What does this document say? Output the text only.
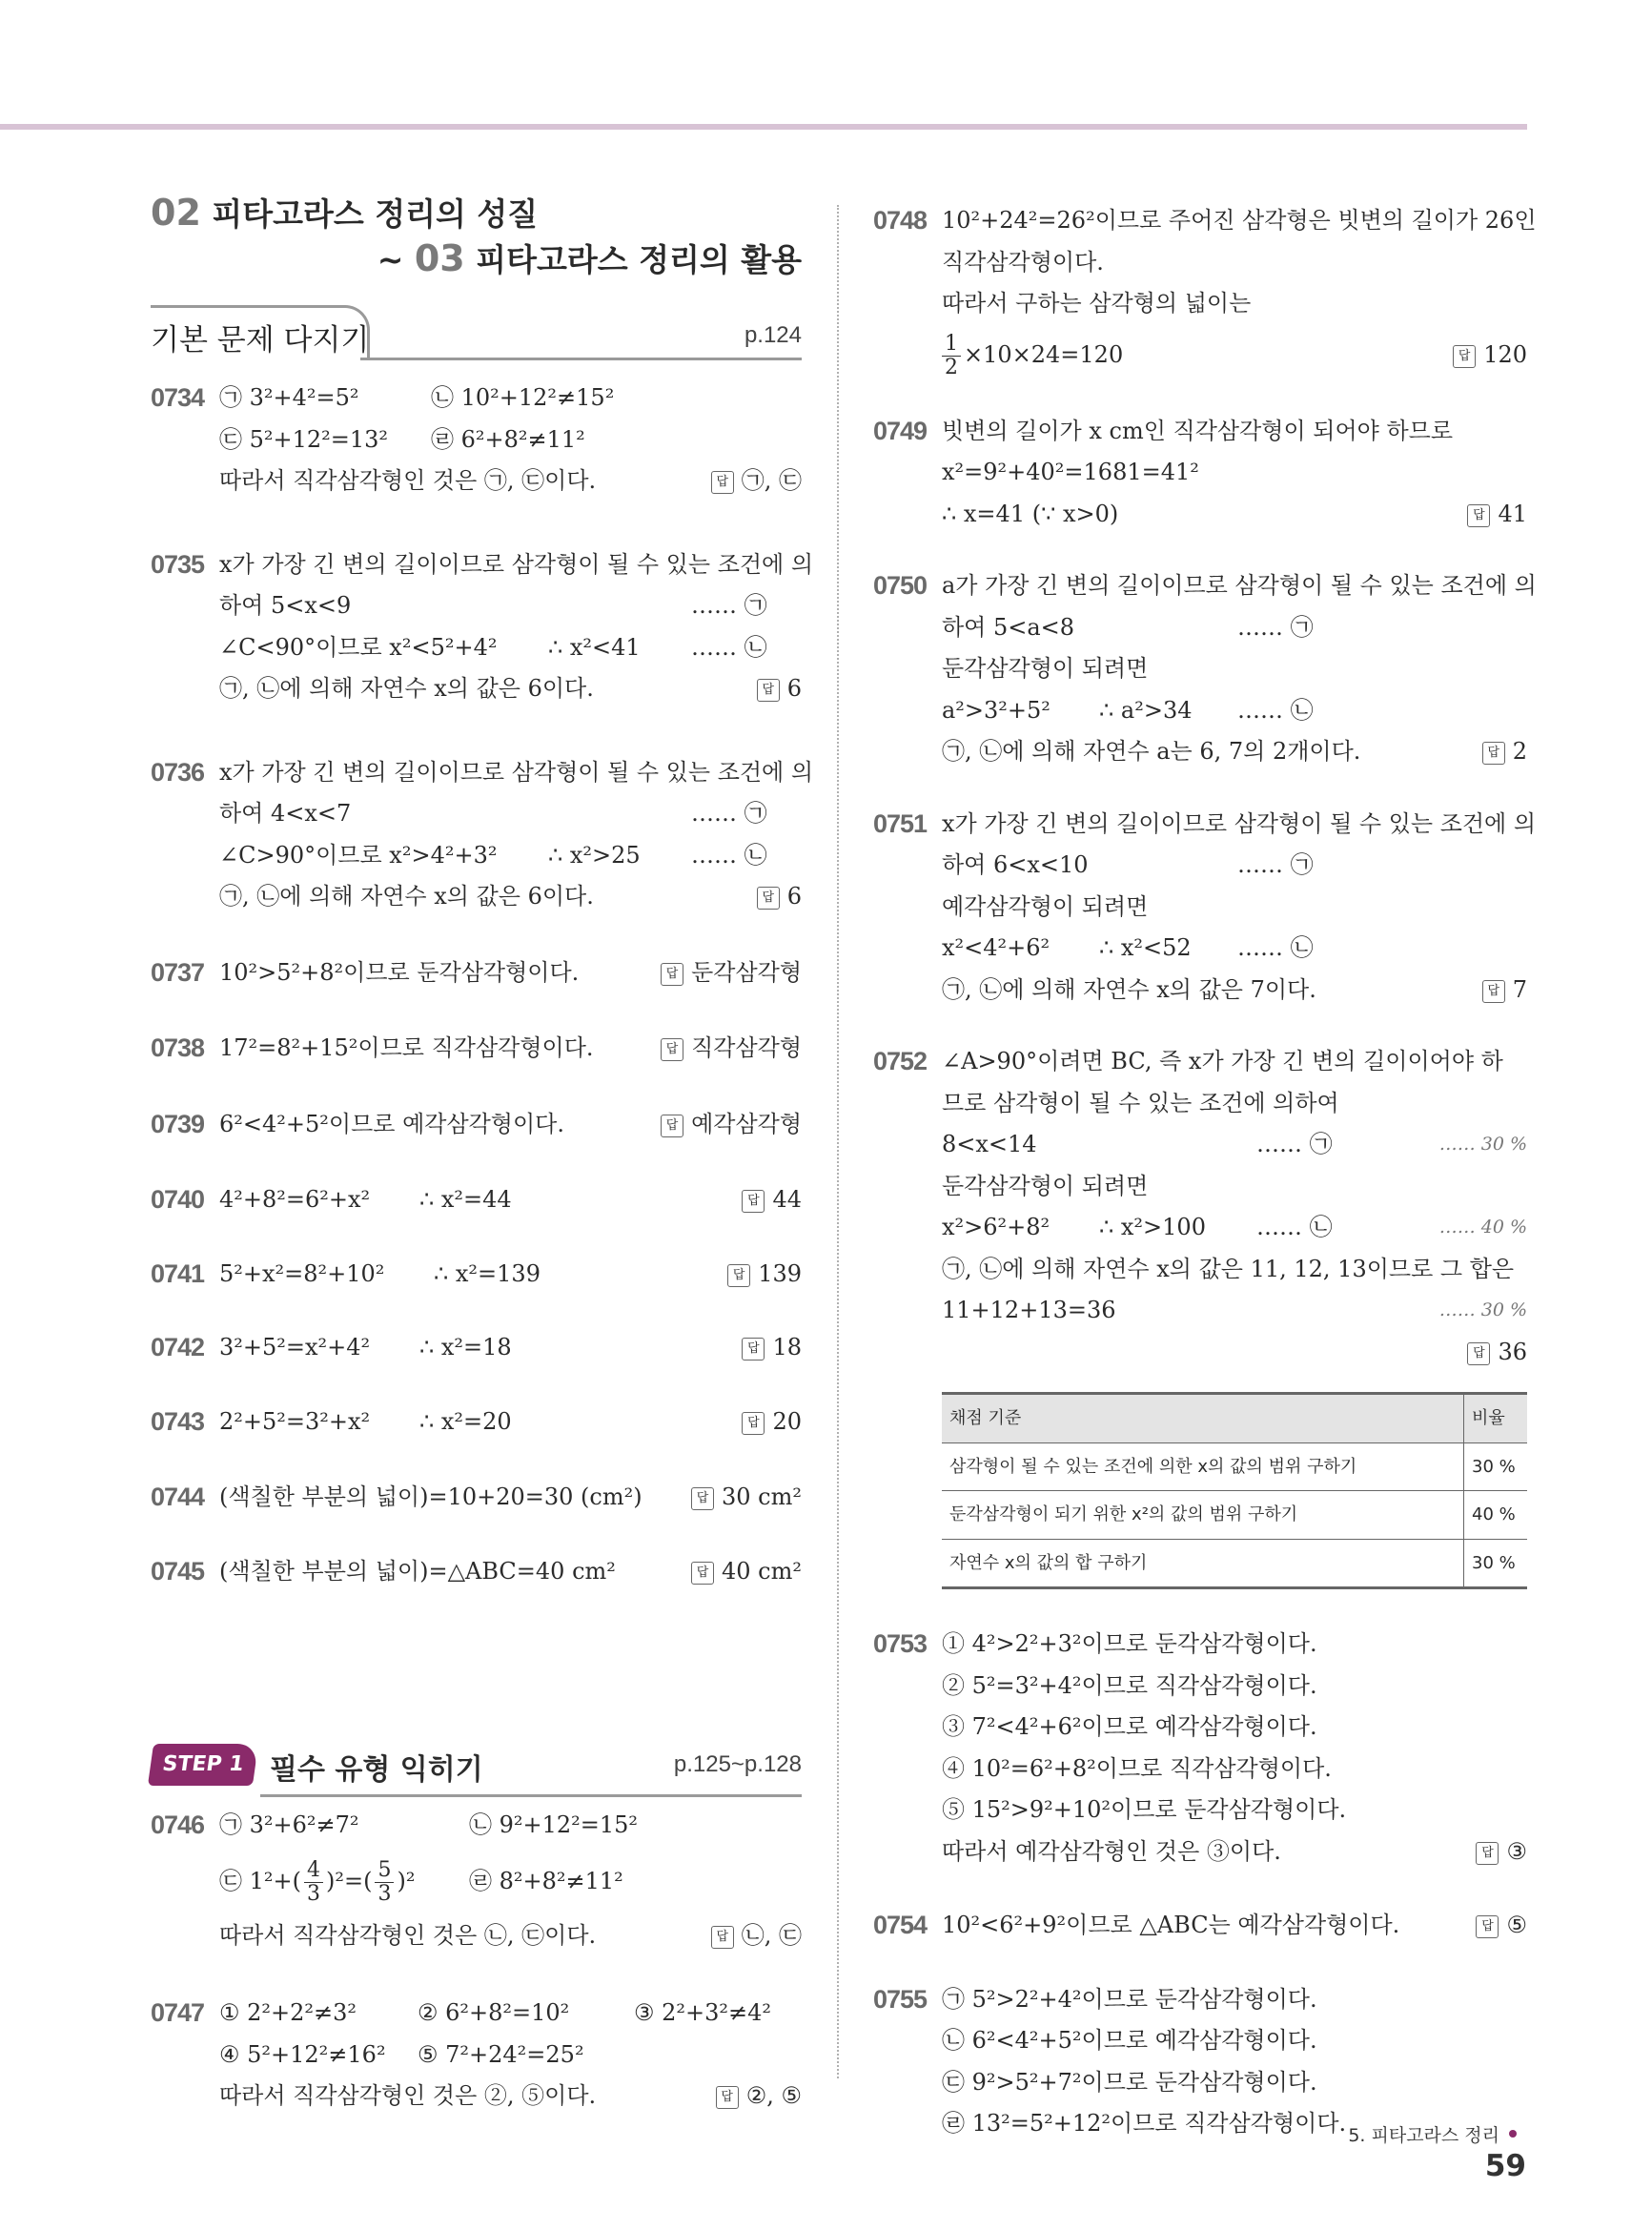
02 피타고라스 정리의 성질
~ 03 피타고라스 정리의 활용
기본 문제 다지기	p.124
0734 ㉠ 3²+4²=5²	㉡ 10²+12²≠15²
㉢ 5²+12²=13² ㉣ 6²+8²≠11²
따라서 직각삼각형인 것은 ㉠, ㉢이다.	답 ㉠, ㉢
0735 x가 가장 긴 변의 길이이므로 삼각형이 될 수 있는 조건에 의
하여 5<x<9	…… ㉠
∠C<90°이므로 x²<5²+4² ∴ x²<41 …… ㉡
㉠, ㉡에 의해 자연수 x의 값은 6이다.	답 6
0736 x가 가장 긴 변의 길이이므로 삼각형이 될 수 있는 조건에 의
하여 4<x<7	…… ㉠
∠C>90°이므로 x²>4²+3² ∴ x²>25 …… ㉡
㉠, ㉡에 의해 자연수 x의 값은 6이다.	답 6
0737 10²>5²+8²이므로 둔각삼각형이다.	답 둔각삼각형
0738 17²=8²+15²이므로 직각삼각형이다.	답 직각삼각형
0739 6²<4²+5²이므로 예각삼각형이다.	답 예각삼각형
0740 4²+8²=6²+x² ∴ x²=44	답 44
0741 5²+x²=8²+10² ∴ x²=139	답 139
0742 3²+5²=x²+4² ∴ x²=18	답 18
0743 2²+5²=3²+x² ∴ x²=20	답 20
0744 (색칠한 부분의 넓이)=10+20=30 (cm²)	답 30 cm²
0745 (색칠한 부분의 넓이)=△ABC=40 cm²	답 40 cm²
STEP 1 필수 유형 익히기	p.125~p.128
0746 ㉠ 3²+6²≠7²	㉡ 9²+12²=15²
㉢ $1^2+( \frac{4}{3} )^2=( \frac{5}{3} )^2$ ㉣ 8²+8²≠11²
따라서 직각삼각형인 것은 ㉡, ㉢이다.	답 ㉡, ㉢
0747 ① 2²+2²≠3²	② 6²+8²=10²	③ 2²+3²≠4²
④ 5²+12²≠16² ⑤ 7²+24²=25²
따라서 직각삼각형인 것은 ②, ⑤이다.	답 ②, ⑤
0748 10²+24²=26²이므로 주어진 삼각형은 빗변의 길이가 26인
직각삼각형이다.
따라서 구하는 삼각형의 넓이는
$\frac{1}{2} \times 10\times 24=120$	답 120
0749 빗변의 길이가 x cm인 직각삼각형이 되어야 하므로
x²=9²+40²=1681=41²
∴ x=41 (∵ x>0)	답 41
0750 a가 가장 긴 변의 길이이므로 삼각형이 될 수 있는 조건에 의
하여 5<a<8	…… ㉠
둔각삼각형이 되려면
a²>3²+5² ∴ a²>34 …… ㉡
㉠, ㉡에 의해 자연수 a는 6, 7의 2개이다.	답 2
0751 x가 가장 긴 변의 길이이므로 삼각형이 될 수 있는 조건에 의
하여 6<x<10	…… ㉠
예각삼각형이 되려면
x²<4²+6² ∴ x²<52 …… ㉡
㉠, ㉡에 의해 자연수 x의 값은 7이다.	답 7
0752 ∠A>90°이려면 BC, 즉 x가 가장 긴 변의 길이이어야 하
므로 삼각형이 될 수 있는 조건에 의하여
8<x<14	…… ㉠	…… 30 %
둔각삼각형이 되려면
x²>6²+8² ∴ x²>100 …… ㉡	…… 40 %
㉠, ㉡에 의해 자연수 x의 값은 11, 12, 13이므로 그 합은
11+12+13=36	…… 30 %
답 36
채점 기준	비율
삼각형이 될 수 있는 조건에 의한 x의 값의 범위 구하기	30 %
둔각삼각형이 되기 위한 x²의 값의 범위 구하기	40 %
자연수 x의 값의 합 구하기	30 %
0753 ① 4²>2²+3²이므로 둔각삼각형이다.
② 5²=3²+4²이므로 직각삼각형이다.
③ 7²<4²+6²이므로 예각삼각형이다.
④ 10²=6²+8²이므로 직각삼각형이다.
⑤ 15²>9²+10²이므로 둔각삼각형이다.
따라서 예각삼각형인 것은 ③이다.	답 ③
0754 10²<6²+9²이므로 △ABC는 예각삼각형이다.	답 ⑤
0755 ㉠ 5²>2²+4²이므로 둔각삼각형이다.
㉡ 6²<4²+5²이므로 예각삼각형이다.
㉢ 9²>5²+7²이므로 둔각삼각형이다.
㉣ 13²=5²+12²이므로 직각삼각형이다. 5. 피타고라스 정리59
